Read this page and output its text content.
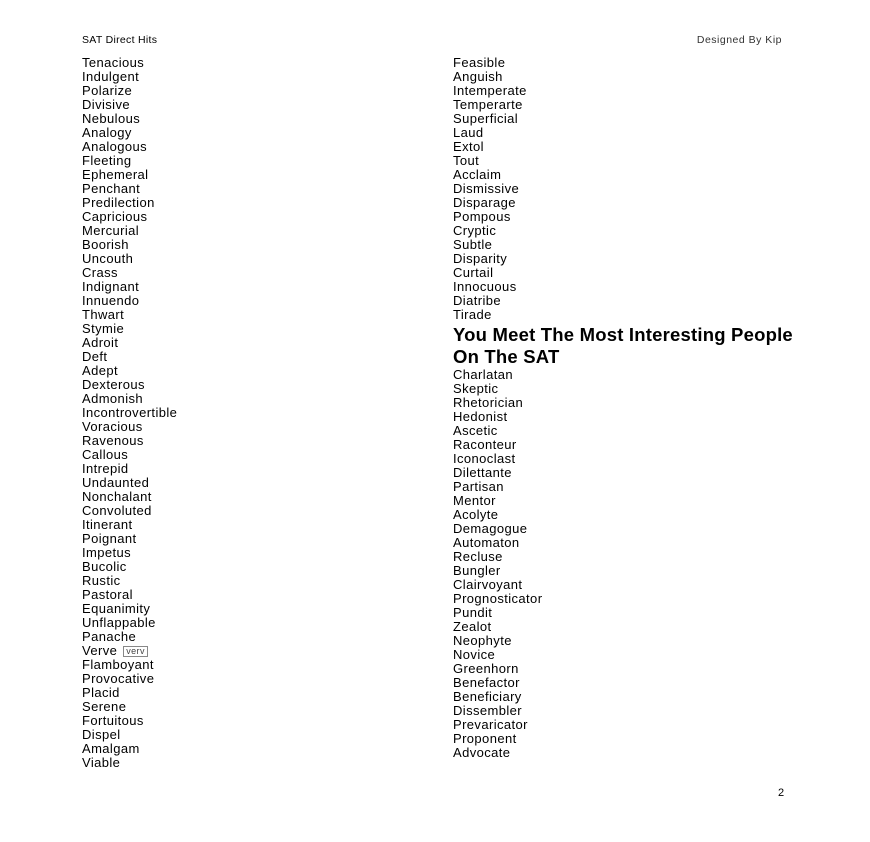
SAT Direct Hits	Designed By Kip
Tenacious
Indulgent
Polarize
Divisive
Nebulous
Analogy
Analogous
Fleeting
Ephemeral
Penchant
Predilection
Capricious
Mercurial
Boorish
Uncouth
Crass
Indignant
Innuendo
Thwart
Stymie
Adroit
Deft
Adept
Dexterous
Admonish
Incontrovertible
Voracious
Ravenous
Callous
Intrepid
Undaunted
Nonchalant
Convoluted
Itinerant
Poignant
Impetus
Bucolic
Rustic
Pastoral
Equanimity
Unflappable
Panache
Verve verv
Flamboyant
Provocative
Placid
Serene
Fortuitous
Dispel
Amalgam
Viable
Feasible
Anguish
Intemperate
Temperarte
Superficial
Laud
Extol
Tout
Acclaim
Dismissive
Disparage
Pompous
Cryptic
Subtle
Disparity
Curtail
Innocuous
Diatribe
Tirade
You Meet The Most Interesting People On The SAT
Charlatan
Skeptic
Rhetorician
Hedonist
Ascetic
Raconteur
Iconoclast
Dilettante
Partisan
Mentor
Acolyte
Demagogue
Automaton
Recluse
Bungler
Clairvoyant
Prognosticator
Pundit
Zealot
Neophyte
Novice
Greenhorn
Benefactor
Beneficiary
Dissembler
Prevaricator
Proponent
Advocate
2
